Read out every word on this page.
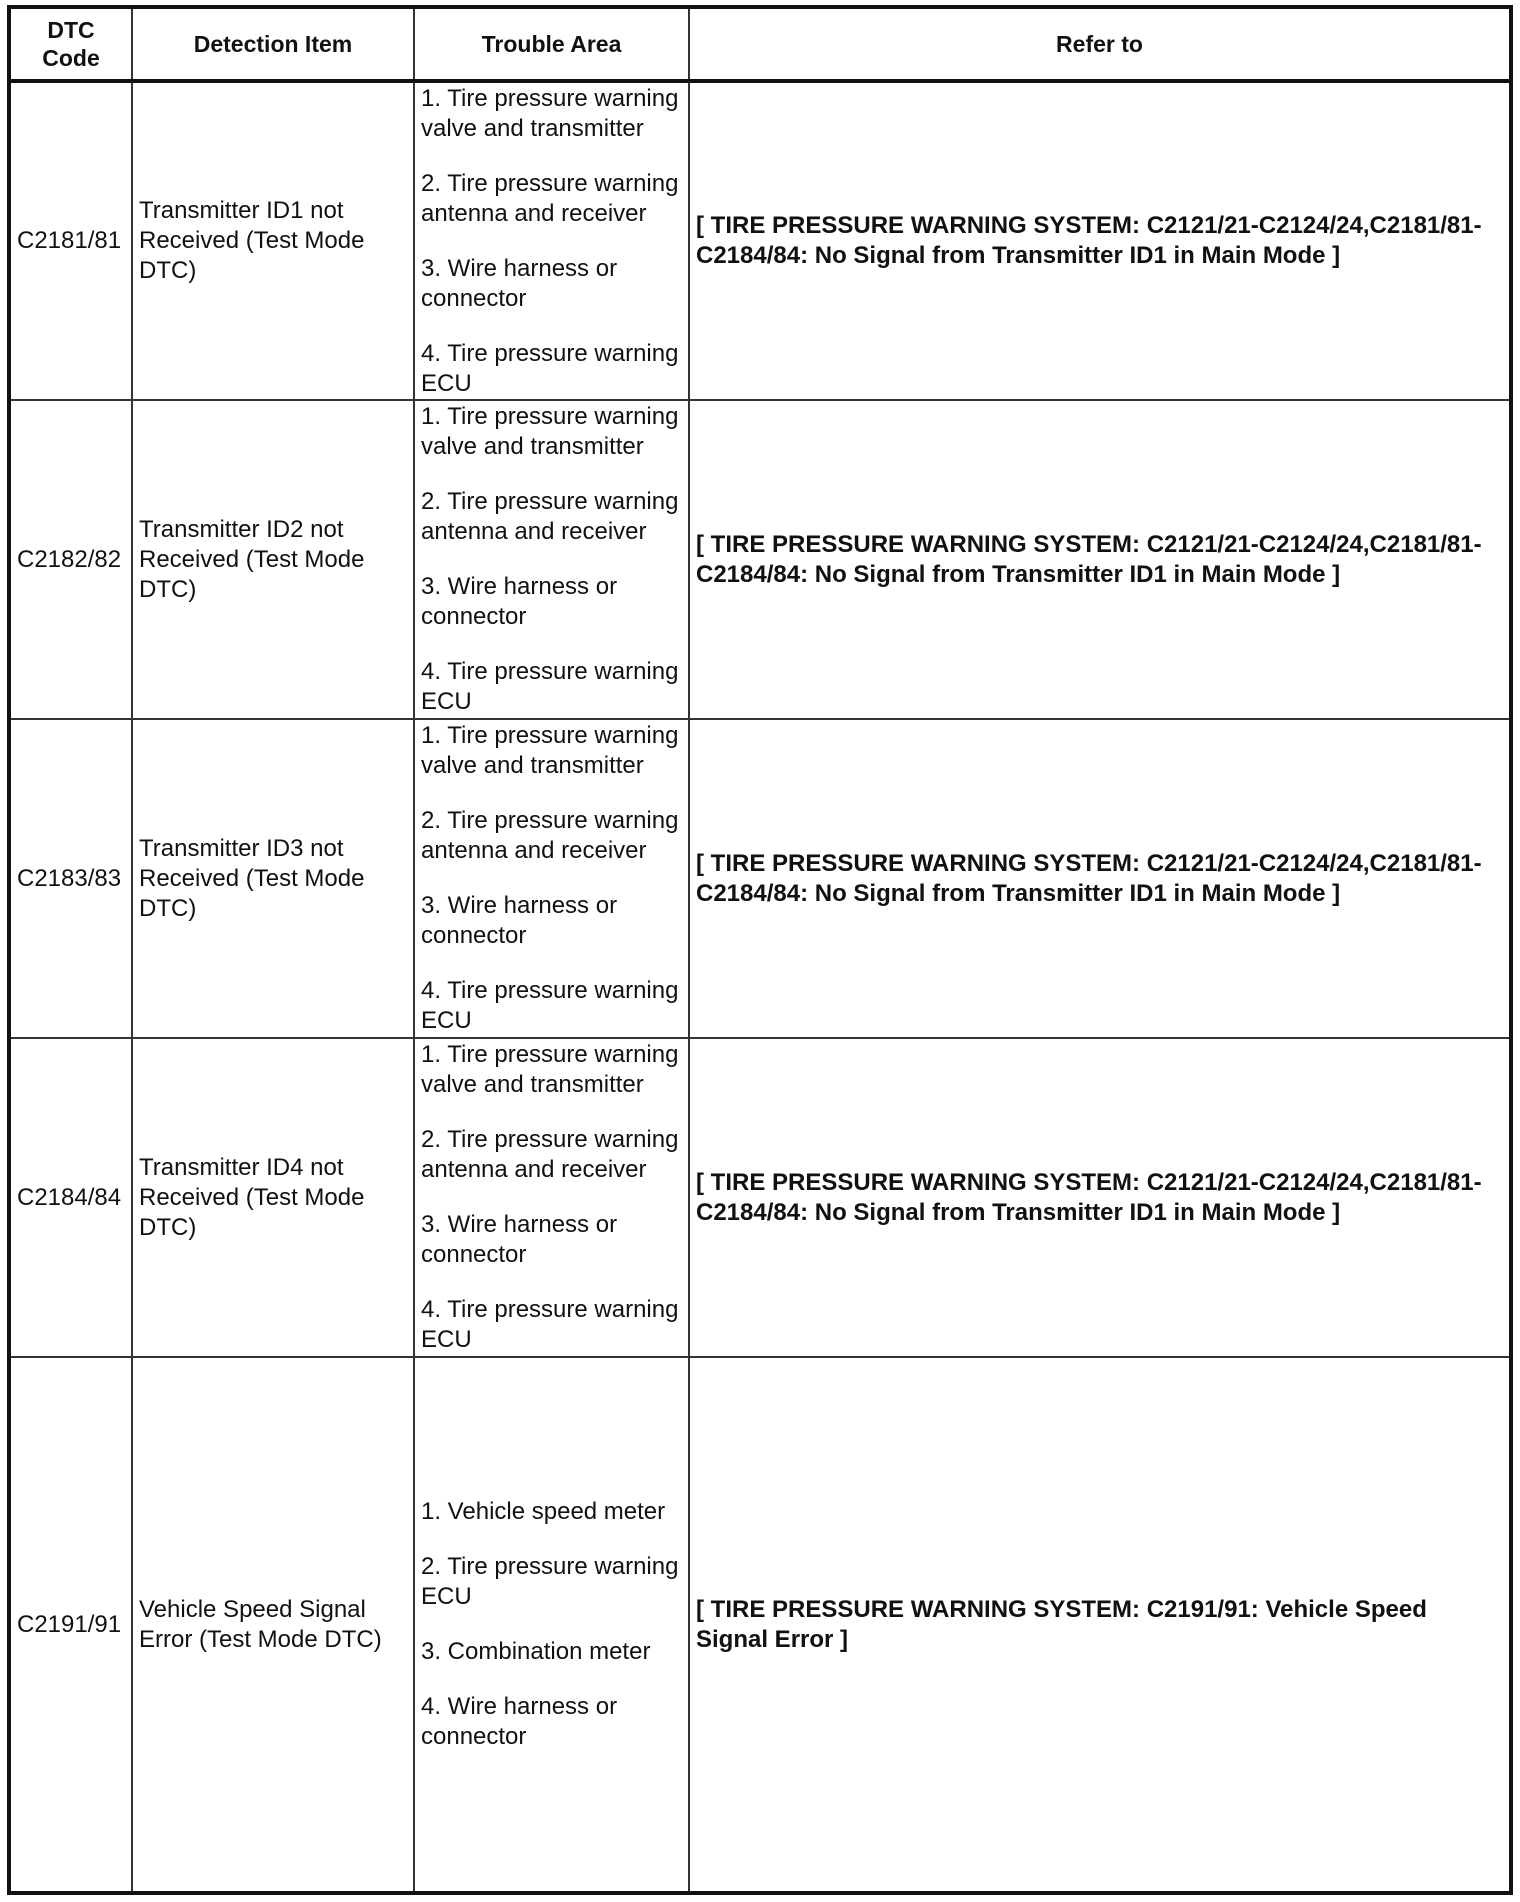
DTC
Code	Detection Item	Trouble Area	Refer to
C2181/81	Transmitter ID1 not Received (Test Mode DTC)	1. Tire pressure warning valve and transmitter
2. Tire pressure warning antenna and receiver
3. Wire harness or connector
4. Tire pressure warning ECU	[ TIRE PRESSURE WARNING SYSTEM: C2121/21-C2124/24,C2181/81-C2184/84: No Signal from Transmitter ID1 in Main Mode ]
C2182/82	Transmitter ID2 not Received (Test Mode DTC)	1. Tire pressure warning valve and transmitter
2. Tire pressure warning antenna and receiver
3. Wire harness or connector
4. Tire pressure warning ECU	[ TIRE PRESSURE WARNING SYSTEM: C2121/21-C2124/24,C2181/81-C2184/84: No Signal from Transmitter ID1 in Main Mode ]
C2183/83	Transmitter ID3 not Received (Test Mode DTC)	1. Tire pressure warning valve and transmitter
2. Tire pressure warning antenna and receiver
3. Wire harness or connector
4. Tire pressure warning ECU	[ TIRE PRESSURE WARNING SYSTEM: C2121/21-C2124/24,C2181/81-C2184/84: No Signal from Transmitter ID1 in Main Mode ]
C2184/84	Transmitter ID4 not Received (Test Mode DTC)	1. Tire pressure warning valve and transmitter
2. Tire pressure warning antenna and receiver
3. Wire harness or connector
4. Tire pressure warning ECU	[ TIRE PRESSURE WARNING SYSTEM: C2121/21-C2124/24,C2181/81-C2184/84: No Signal from Transmitter ID1 in Main Mode ]
C2191/91	Vehicle Speed Signal Error (Test Mode DTC)	1. Vehicle speed meter
2. Tire pressure warning ECU
3. Combination meter
4. Wire harness or connector	[ TIRE PRESSURE WARNING SYSTEM: C2191/91: Vehicle Speed Signal Error ]
